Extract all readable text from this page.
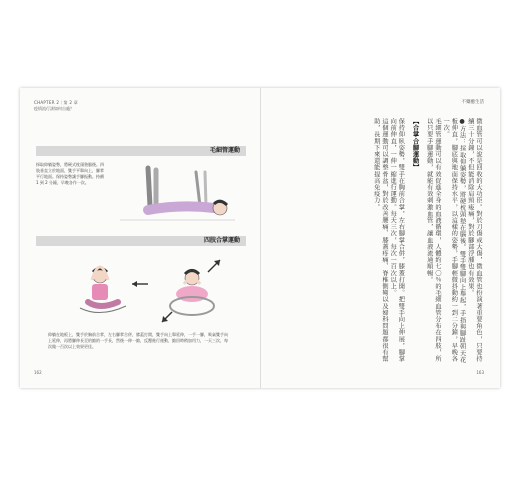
CHAPTER 2｜第 2 章
疫情流行該如何自處？
毛細管運動
採取仰躺姿勢，將硬式枕頭墊腦後。四肢垂直立於地面，雙手平舉向上，腳掌平行地面。保持姿勢讓手腳振動。持續 1 到 2 分鐘，早晚各作一次。
四肢合掌運動
仰躺在地板上，雙手於胸前合掌，左右腳掌合併，膝蓋打開，雙手向上舉延伸，一手一腳，吸氣雙手向上延伸，再將腳伸長至的縮的一手長，然後一伸一縮，反覆進行運動，縮回時稍加用力，一天三次，每次做一百次以上效果更佳。
162
不藥癒生活

微血管可以說是回收的大功臣。對於刀傷或大傷，微血管也扮演著重要角色，只要持續三十分鐘，不但能消除肩頸痠痛，對於腳部浮腫也有效果。

●方法：採取仰躺姿勢，將硬枕頭墊在腦後。雙手雙腳向上舉起，手指與腳趾朝天花板伸直，腳底與地面保持水平，以這樣的姿勢，手腳輕微抖動約一到二分鐘，早晚各一次。

毛細管運動可以有效促進全身的血液循環，人體約七〇％的毛細血管分布在四肢，所以只要手腳運動，就能有效刺激血管，讓血液流通順暢。

【合掌合腳運動】

保持仰臥姿勢，雙手在胸前合掌，左右腳掌合併，膝蓋打開。把雙手向上伸展，腳掌向前伸直，一伸一縮進行運動。每天三次，每次一百次以上。

這個運動可以調整骨盆，對於改善腰痛、膝蓋疼痛、脊椎側彎以及婦科問題都很有幫助，長期下來還能提高免疫力。

163
